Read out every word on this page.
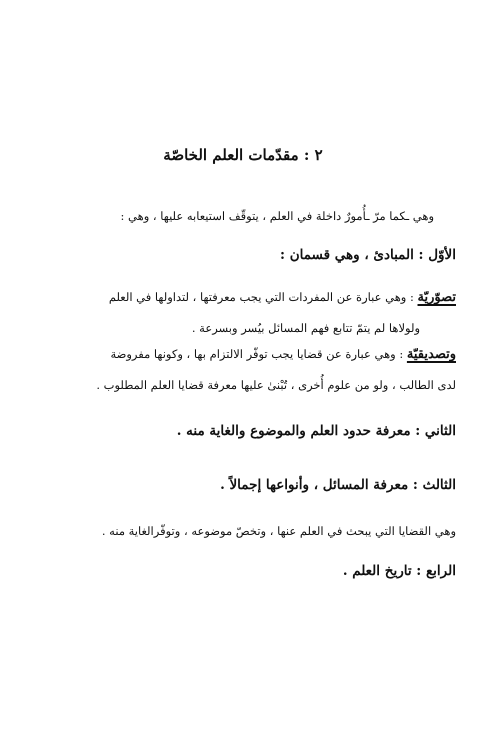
٢ : مقدّمات العلم الخاصّة
وهي ـكما مرّ ـأُمورٌ داخلة في العلم ، يتوقّف استيعابه عليها ، وهي :
الأوّل : المبادئ ، وهي قسمان :
تصوّريّة : وهي عبارة عن المفردات التي يجب معرفتها ، لتداولها في العلم
ولولاها لم يتمّ تتابع فهم المسائل بيُسر وبسرعة .
وتصديقيّة : وهي عبارة عن قضايا يجب توفّر الالتزام بها ، وكونها مفروضة
لدى الطالب ، ولو من علوم أُخرى ، تُبْنىٰ عليها معرفة قضايا العلم المطلوب .
الثاني : معرفة حدود العلم والموضوع والغاية منه .
الثالث : معرفة المسائل ، وأنواعها إجمالاً .
وهي القضايا التي يبحث في العلم عنها ، وتخصّ موضوعه ، وتوفّرالغاية منه .
الرابع : تاريخ العلم .
